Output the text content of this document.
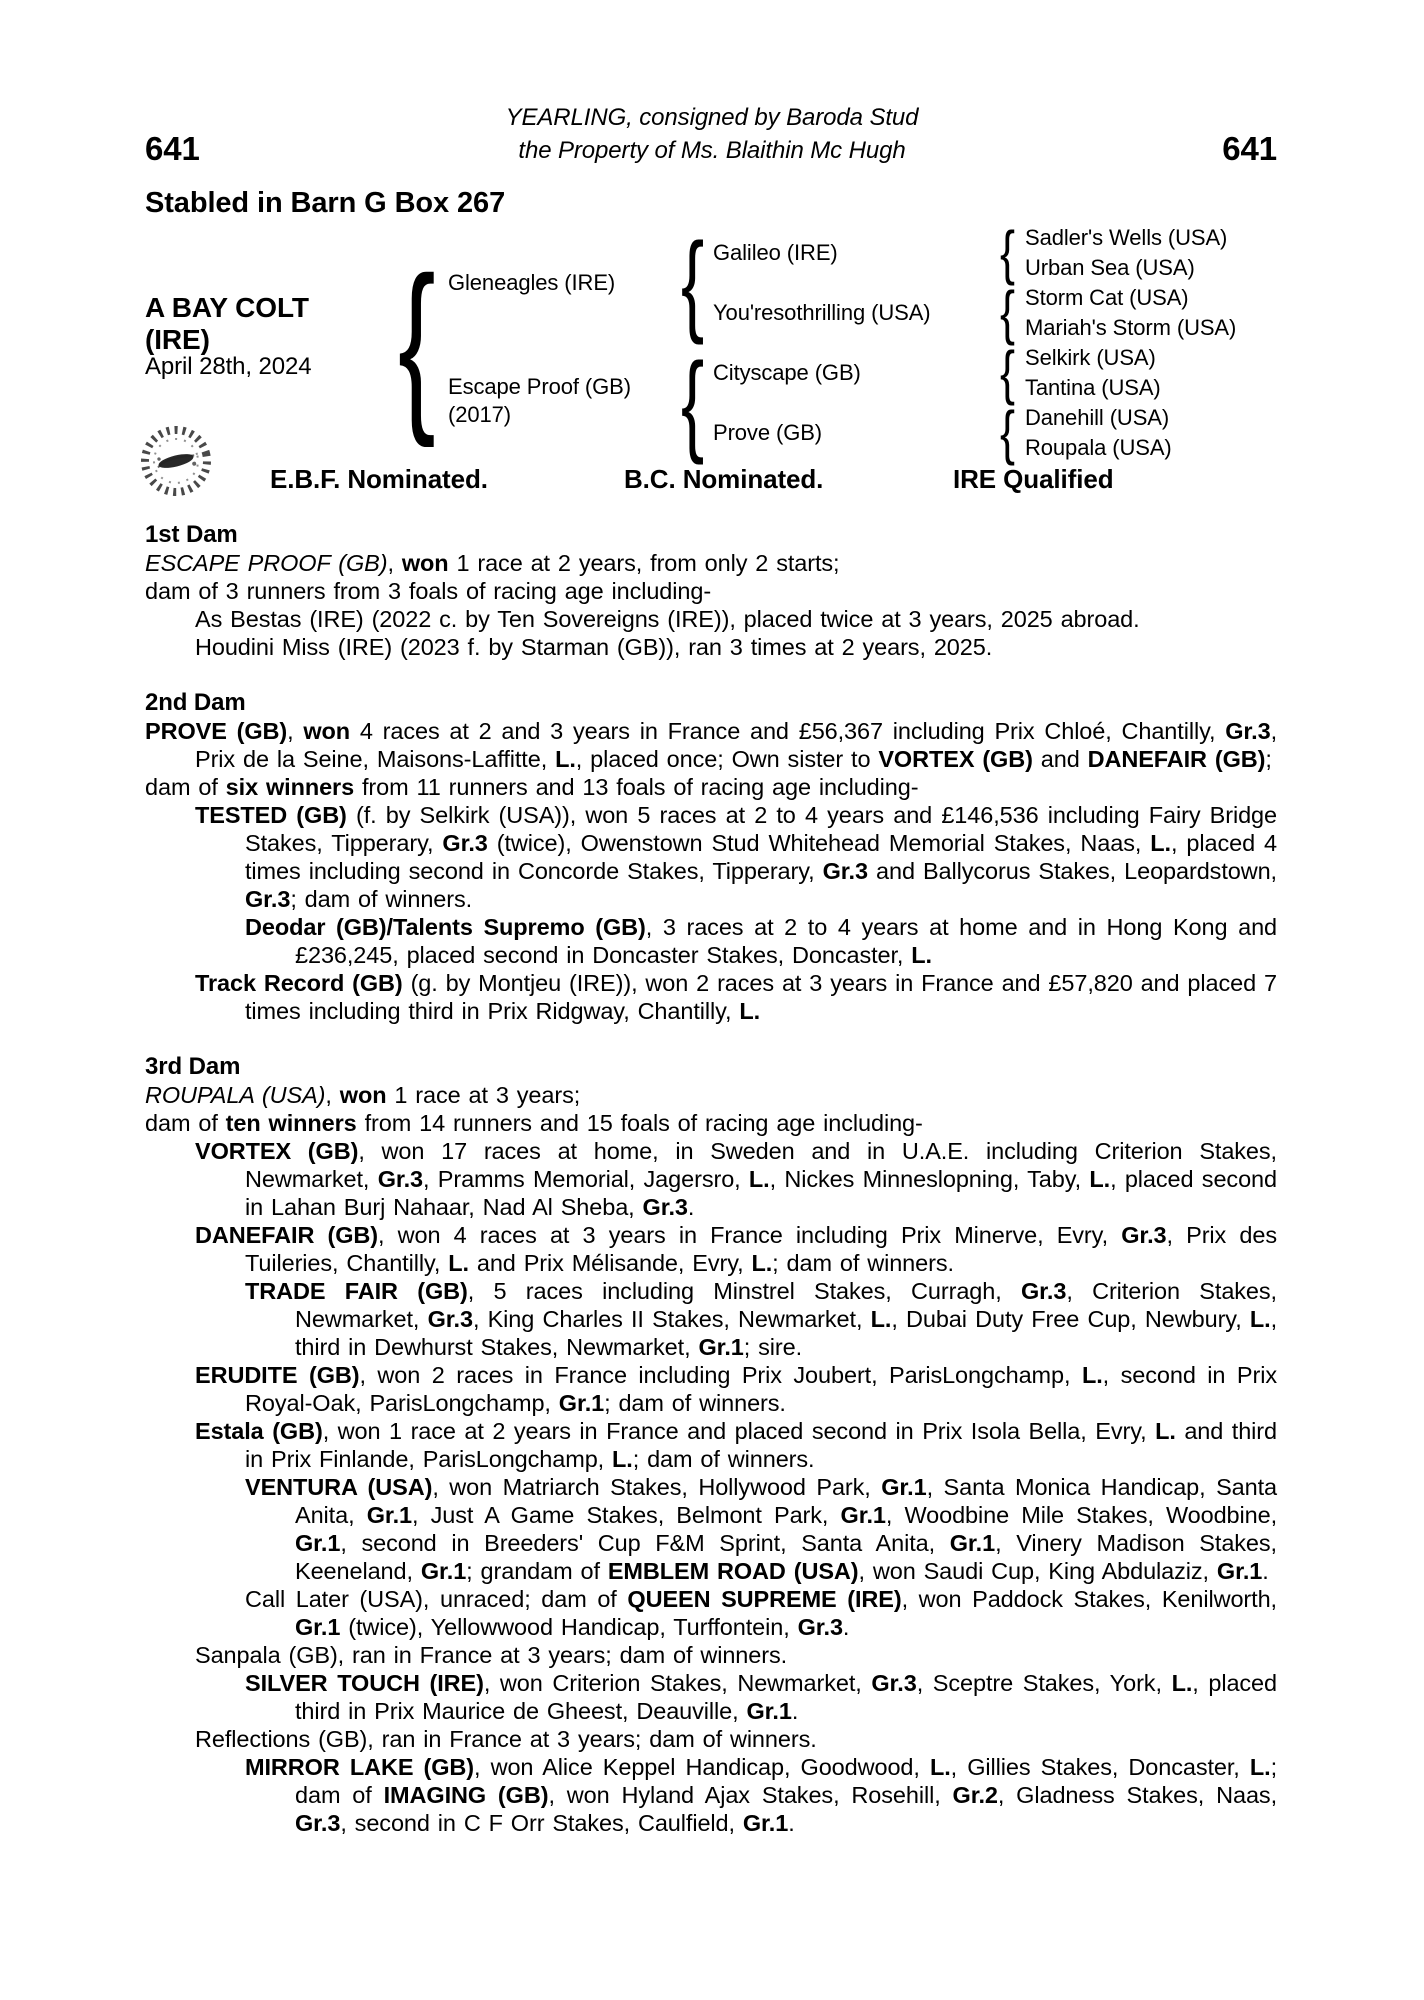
YEARLING, consigned by Baroda Stud
the Property of Ms. Blaithin Mc Hugh
641	641
Stabled in Barn G Box 267
A BAY COLT
(IRE)
April 28th, 2024
Gleneagles (IRE)
Escape Proof (GB)
(2017)
Galileo (IRE)
You'resothrilling (USA)
Cityscape (GB)
Prove (GB)
Sadler's Wells (USA)
Urban Sea (USA)
Storm Cat (USA)
Mariah's Storm (USA)
Selkirk (USA)
Tantina (USA)
Danehill (USA)
Roupala (USA)
E.B.F. Nominated.	B.C. Nominated.	IRE Qualified
1st Dam

ESCAPE PROOF (GB), won 1 race at 2 years, from only 2 starts;

dam of 3 runners from 3 foals of racing age including-

As Bestas (IRE) (2022 c. by Ten Sovereigns (IRE)), placed twice at 3 years, 2025 abroad.

Houdini Miss (IRE) (2023 f. by Starman (GB)), ran 3 times at 2 years, 2025.

2nd Dam

PROVE (GB), won 4 races at 2 and 3 years in France and £56,367 including Prix Chloé, Chantilly, Gr.3, Prix de la Seine, Maisons-Laffitte, L., placed once; Own sister to VORTEX (GB) and DANEFAIR (GB);

dam of six winners from 11 runners and 13 foals of racing age including-

TESTED (GB) (f. by Selkirk (USA)), won 5 races at 2 to 4 years and £146,536 including Fairy Bridge Stakes, Tipperary, Gr.3 (twice), Owenstown Stud Whitehead Memorial Stakes, Naas, L., placed 4 times including second in Concorde Stakes, Tipperary, Gr.3 and Ballycorus Stakes, Leopardstown, Gr.3; dam of winners.

Deodar (GB)/Talents Supremo (GB), 3 races at 2 to 4 years at home and in Hong Kong and £236,245, placed second in Doncaster Stakes, Doncaster, L.

Track Record (GB) (g. by Montjeu (IRE)), won 2 races at 3 years in France and £57,820 and placed 7 times including third in Prix Ridgway, Chantilly, L.

3rd Dam

ROUPALA (USA), won 1 race at 3 years;

dam of ten winners from 14 runners and 15 foals of racing age including-

VORTEX (GB), won 17 races at home, in Sweden and in U.A.E. including Criterion Stakes, Newmarket, Gr.3, Pramms Memorial, Jagersro, L., Nickes Minneslopning, Taby, L., placed second in Lahan Burj Nahaar, Nad Al Sheba, Gr.3.

DANEFAIR (GB), won 4 races at 3 years in France including Prix Minerve, Evry, Gr.3, Prix des Tuileries, Chantilly, L. and Prix Mélisande, Evry, L.; dam of winners.

TRADE FAIR (GB), 5 races including Minstrel Stakes, Curragh, Gr.3, Criterion Stakes, Newmarket, Gr.3, King Charles II Stakes, Newmarket, L., Dubai Duty Free Cup, Newbury, L., third in Dewhurst Stakes, Newmarket, Gr.1; sire.

ERUDITE (GB), won 2 races in France including Prix Joubert, ParisLongchamp, L., second in Prix Royal-Oak, ParisLongchamp, Gr.1; dam of winners.

Estala (GB), won 1 race at 2 years in France and placed second in Prix Isola Bella, Evry, L. and third in Prix Finlande, ParisLongchamp, L.; dam of winners.

VENTURA (USA), won Matriarch Stakes, Hollywood Park, Gr.1, Santa Monica Handicap, Santa Anita, Gr.1, Just A Game Stakes, Belmont Park, Gr.1, Woodbine Mile Stakes, Woodbine, Gr.1, second in Breeders' Cup F&M Sprint, Santa Anita, Gr.1, Vinery Madison Stakes, Keeneland, Gr.1; grandam of EMBLEM ROAD (USA), won Saudi Cup, King Abdulaziz, Gr.1.

Call Later (USA), unraced; dam of QUEEN SUPREME (IRE), won Paddock Stakes, Kenilworth, Gr.1 (twice), Yellowwood Handicap, Turffontein, Gr.3.

Sanpala (GB), ran in France at 3 years; dam of winners.

SILVER TOUCH (IRE), won Criterion Stakes, Newmarket, Gr.3, Sceptre Stakes, York, L., placed third in Prix Maurice de Gheest, Deauville, Gr.1.

Reflections (GB), ran in France at 3 years; dam of winners.

MIRROR LAKE (GB), won Alice Keppel Handicap, Goodwood, L., Gillies Stakes, Doncaster, L.; dam of IMAGING (GB), won Hyland Ajax Stakes, Rosehill, Gr.2, Gladness Stakes, Naas, Gr.3, second in C F Orr Stakes, Caulfield, Gr.1.
